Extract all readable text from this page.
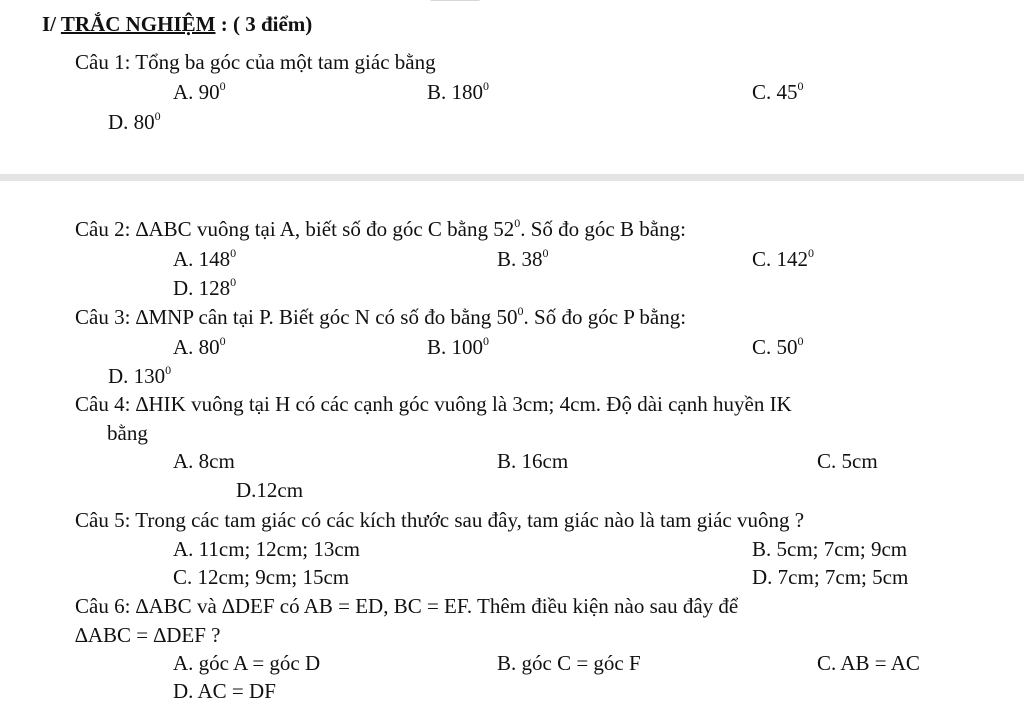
I/ TRẮC NGHIỆM : ( 3 điểm)
Câu 1: Tổng ba góc của một tam giác bằng
A. $90^0$	B. $180^0$	C. $45^0$
D. $80^0$
Câu 2: ∆ABC vuông tại A, biết số đo góc C bằng $52^0$. Số đo góc B bằng:
A. $148^0$	B. $38^0$	C. $142^0$
D. $128^0$
Câu 3: ∆MNP cân tại P. Biết góc N có số đo bằng $50^0$. Số đo góc P bằng:
A. $80^0$	B. $100^0$	C. $50^0$
D. $130^0$
Câu 4: ∆HIK vuông tại H có các cạnh góc vuông là 3cm; 4cm. Độ dài cạnh huyền IK
bằng
A. 8cm	B. 16cm	C. 5cm
D.12cm
Câu 5: Trong các tam giác có các kích thước sau đây, tam giác nào là tam giác vuông ?
A. 11cm; 12cm; 13cm	B. 5cm; 7cm; 9cm
C. 12cm; 9cm; 15cm	D. 7cm; 7cm; 5cm
Câu 6: ∆ABC và ∆DEF có AB = ED, BC = EF. Thêm điều kiện nào sau đây để
∆ABC = ∆DEF ?
A. góc A = góc D	B. góc C = góc F	C. AB = AC
D. AC = DF
